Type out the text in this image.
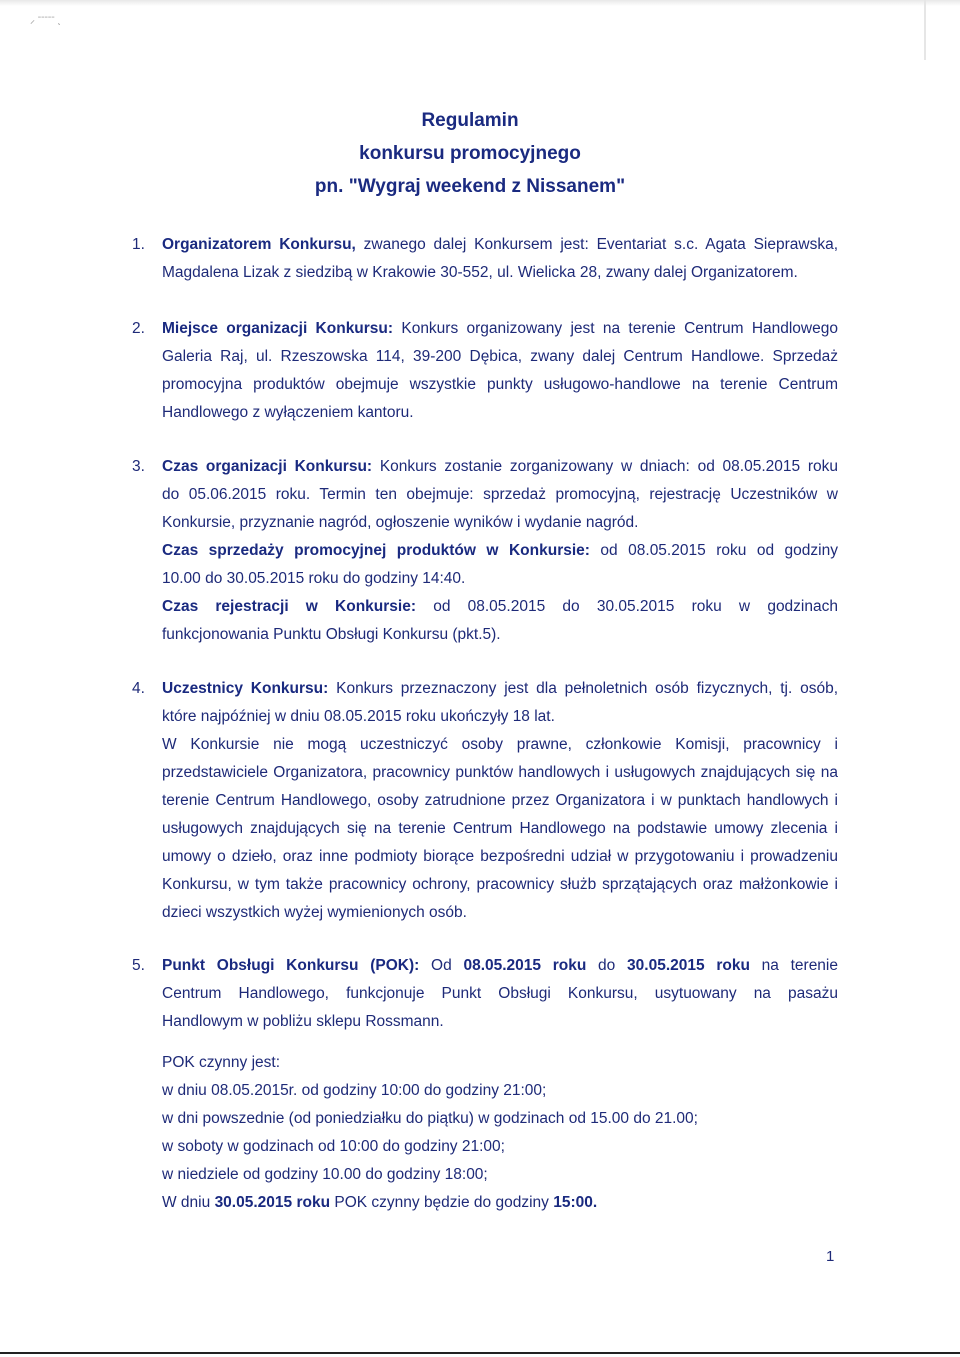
⸝ ⁻⁻⁻⁻⁻ ˎ
Regulamin
konkursu promocyjnego
pn. "Wygraj weekend z Nissanem"
1. Organizatorem Konkursu, zwanego dalej Konkursem jest: Eventariat s.c. Agata Sieprawska,
Magdalena Lizak z siedzibą w Krakowie 30-552, ul. Wielicka 28, zwany dalej Organizatorem.
2. Miejsce organizacji Konkursu: Konkurs organizowany jest na terenie Centrum Handlowego
Galeria Raj, ul. Rzeszowska 114, 39-200 Dębica, zwany dalej Centrum Handlowe. Sprzedaż
promocyjna produktów obejmuje wszystkie punkty usługowo-handlowe na terenie Centrum
Handlowego z wyłączeniem kantoru.
3. Czas organizacji Konkursu: Konkurs zostanie zorganizowany w dniach: od 08.05.2015 roku
do 05.06.2015 roku. Termin ten obejmuje: sprzedaż promocyjną, rejestrację Uczestników w
Konkursie, przyznanie nagród, ogłoszenie wyników i wydanie nagród.
Czas sprzedaży promocyjnej produktów w Konkursie: od 08.05.2015 roku od godziny
10.00 do 30.05.2015 roku do godziny 14:40.
Czas rejestracji w Konkursie: od 08.05.2015 do 30.05.2015 roku w godzinach
funkcjonowania Punktu Obsługi Konkursu (pkt.5).
4. Uczestnicy Konkursu: Konkurs przeznaczony jest dla pełnoletnich osób fizycznych, tj. osób,
które najpóźniej w dniu 08.05.2015 roku ukończyły 18 lat.
W Konkursie nie mogą uczestniczyć osoby prawne, członkowie Komisji, pracownicy i
przedstawiciele Organizatora, pracownicy punktów handlowych i usługowych znajdujących się na
terenie Centrum Handlowego, osoby zatrudnione przez Organizatora i w punktach handlowych i
usługowych znajdujących się na terenie Centrum Handlowego na podstawie umowy zlecenia i
umowy o dzieło, oraz inne podmioty biorące bezpośredni udział w przygotowaniu i prowadzeniu
Konkursu, w tym także pracownicy ochrony, pracownicy służb sprzątających oraz małżonkowie i
dzieci wszystkich wyżej wymienionych osób.
5. Punkt Obsługi Konkursu (POK): Od 08.05.2015 roku do 30.05.2015 roku na terenie
Centrum Handlowego, funkcjonuje Punkt Obsługi Konkursu, usytuowany na pasażu
Handlowym w pobliżu sklepu Rossmann.
POK czynny jest:
w dniu 08.05.2015r. od godziny 10:00 do godziny 21:00;
w dni powszednie (od poniedziałku do piątku) w godzinach od 15.00 do 21.00;
w soboty w godzinach od 10:00 do godziny 21:00;
w niedziele od godziny 10.00 do godziny 18:00;
W dniu 30.05.2015 roku POK czynny będzie do godziny 15:00.
1
